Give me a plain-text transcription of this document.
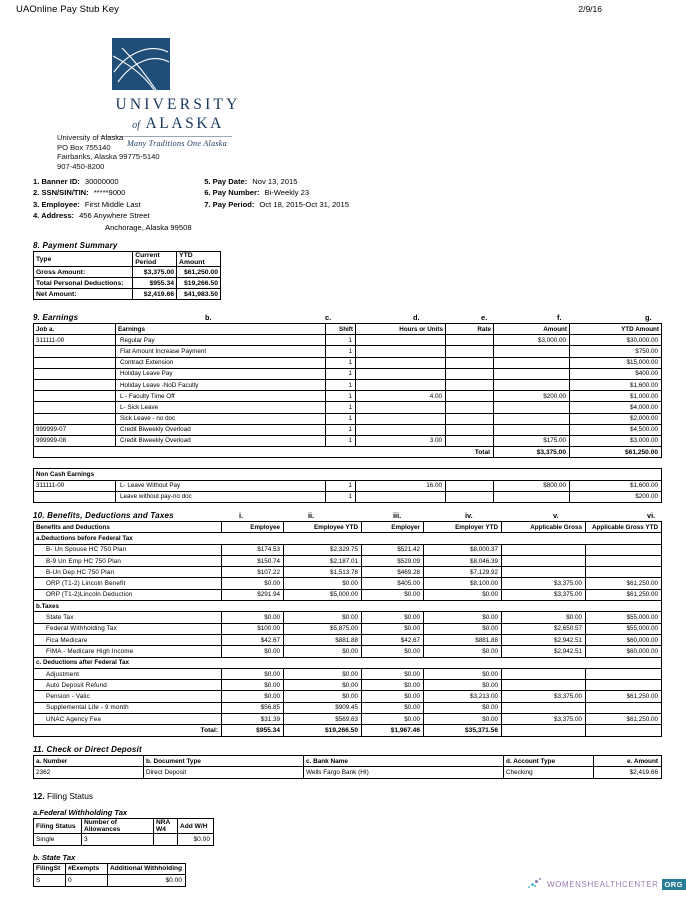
UAOnline Pay Stub Key	2/9/16
UNIVERSITY
of ALASKA
Many Traditions One Alaska
University of Alaska
PO Box 755140
Fairbanks, Alaska 99775-5140
907-450-8200
1. Banner ID: 30000000	5. Pay Date: Nov 13, 2015
2. SSN/SIN/TIN: *****9000	6. Pay Number: Bi-Weekly 23
3. Employee: First Middle Last	7. Pay Period: Oct 18, 2015-Oct 31, 2015
4. Address: 456 Anywhere Street
Anchorage, Alaska 99508
8. Payment Summary
Type	Current Period	YTD Amount
Gross Amount:	$3,375.00	$61,250.00
Total Personal Deductions:	$955.34	$19,266.50
Net Amount:	$2,419.66	$41,983.50
9. Earnings	b.	c.	d.	e.	f.	g.
Job a.	Earnings	Shift	Hours or Units	Rate	Amount	YTD Amount
311111-00	Regular Pay	1			$3,000.00	$30,000.00
	Flat Amount Increase Payment	1				$750.00
	Contract Extension	1				$15,000.00
	Holiday Leave Pay	1				$400.00
	Holiday Leave -NoD Faculty	1				$1,600.00
	L - Faculty Time Off	1	4.00		$200.00	$1,000.00
	L- Sick Leave	1				$4,000.00
	Sick Leave - no doc	1				$2,000.00
999999-07	Credit Biweekly Overload	1				$4,500.00
999999-08	Credit Biweekly Overload	1	3.00		$175.00	$3,000.00
Total					$3,375.00	$61,250.00

Non Cash Earnings						
311111-00	L- Leave Without Pay	1	16.00		$800.00	$1,600.00
	Leave without pay-no doc	1				$200.00
10. Benefits, Deductions and Taxes	i.	ii.	iii.	iv.	v.	vi.
Benefits and Deductions	Employee	Employee YTD	Employer	Employer YTD	Applicable Gross	Applicable Gross YTD
a.Deductions before Federal Tax						
B- Un Spouse HC 750 Plan	$174.53	$2,329.75	$521.42	$8,000.37		
B-9 Un Emp HC 750 Plan	$150.74	$2,187.01	$529.09	$8,046.39		
B-Un Dep HC 750 Plan	$107.22	$1,513.78	$469.28	$7,129.92		
ORP (T1-2) Lincoln Benefit	$0.00	$0.00	$405.00	$8,100.00	$3,375.00	$61,250.00
ORP (T1-2)Lincoln Deduction	$291.94	$5,000.00	$0.00	$0.00	$3,375.00	$61,250.00
b.Taxes						
State Tax	$0.00	$0.00	$0.00	$0.00	$0.00	$55,000.00
Federal Withholding Tax	$100.00	$5,875.00	$0.00	$0.00	$2,650.57	$55,000.00
Fica Medicare	$42.67	$881.88	$42.67	$881.88	$2,942.51	$60,000.00
FIMA - Medicare High Income	$0.00	$0.00	$0.00	$0.00	$2,942.51	$60,000.00
c. Deductions after Federal Tax						
Adjustment	$0.00	$0.00	$0.00	$0.00		
Auto Deposit Refund	$0.00	$0.00	$0.00	$0.00		
Pension - Valic	$0.00	$0.00	$0.00	$3,213.00	$3,375.00	$61,250.00
Supplemental Life - 9 month	$56.85	$909.45	$0.00	$0.00		
UNAC Agency Fee	$31.39	$569.63	$0.00	$0.00	$3,375.00	$61,250.00
Total:	$955.34	$19,266.50	$1,967.46	$35,371.56		
11. Check or Direct Deposit
a. Number	b. Document Type	c. Bank Name	d. Account Type	e. Amount
2362	Direct Deposit	Wells Fargo Bank (HI)	Checking	$2,419.66
12. Filing Status
a.Federal Withholding Tax
Filing Status	Number of Allowances	NRA W4	Add W/H
Single	3		$0.00
b. State Tax
FilingSt	#Exempts	Additional Withholding
S	0	$0.00	WOMENSHEALTHCENTER ORG
